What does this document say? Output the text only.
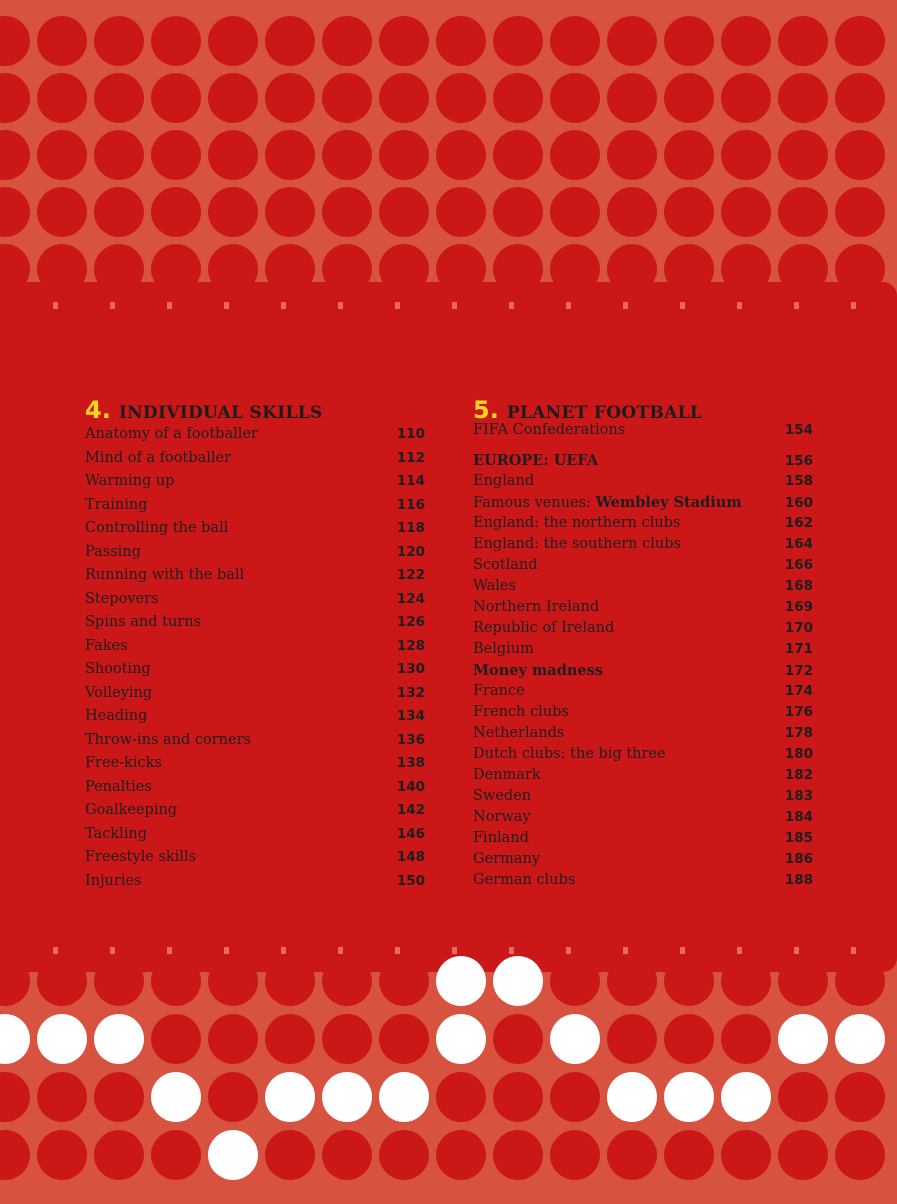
4. INDIVIDUAL SKILLS
Anatomy of a footballer	110
Mind of a footballer	112
Warming up	114
Training	116
Controlling the ball	118
Passing	120
Running with the ball	122
Stepovers	124
Spins and turns	126
Fakes	128
Shooting	130
Volleying	132
Heading	134
Throw-ins and corners	136
Free-kicks	138
Penalties	140
Goalkeeping	142
Tackling	146
Freestyle skills	148
Injuries	150
5. PLANET FOOTBALL
FIFA Confederations	154
EUROPE: UEFA	156
England	158
Famous venues: Wembley Stadium	160
England: the northern clubs	162
England: the southern clubs	164
Scotland	166
Wales	168
Northern Ireland	169
Republic of Ireland	170
Belgium	171
Money madness	172
France	174
French clubs	176
Netherlands	178
Dutch clubs: the big three	180
Denmark	182
Sweden	183
Norway	184
Finland	185
Germany	186
German clubs	188
